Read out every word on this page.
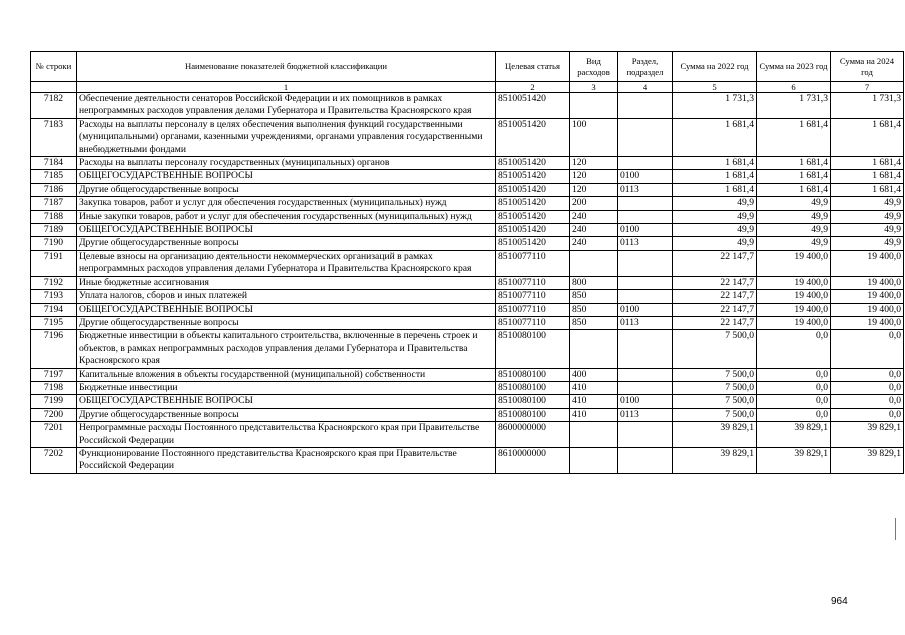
№ строки	Наименование показателей бюджетной классификации	Целевая статья	Вид расходов	Раздел, подраздел	Сумма на 2022 год	Сумма на 2023 год	Сумма на 2024 год
	1	2	3	4	5	6	7
7182	Обеспечение деятельности сенаторов Российской Федерации и их помощников в рамках непрограммных расходов управления делами Губернатора и Правительства Красноярского края	8510051420			1 731,3	1 731,3	1 731,3
7183	Расходы на выплаты персоналу в целях обеспечения выполнения функций государственными (муниципальными) органами, казенными учреждениями, органами управления государственными внебюджетными фондами	8510051420	100		1 681,4	1 681,4	1 681,4
7184	Расходы на выплаты персоналу государственных (муниципальных) органов	8510051420	120		1 681,4	1 681,4	1 681,4
7185	ОБЩЕГОСУДАРСТВЕННЫЕ ВОПРОСЫ	8510051420	120	0100	1 681,4	1 681,4	1 681,4
7186	Другие общегосударственные вопросы	8510051420	120	0113	1 681,4	1 681,4	1 681,4
7187	Закупка товаров, работ и услуг для обеспечения государственных (муниципальных) нужд	8510051420	200		49,9	49,9	49,9
7188	Иные закупки товаров, работ и услуг для обеспечения государственных (муниципальных) нужд	8510051420	240		49,9	49,9	49,9
7189	ОБЩЕГОСУДАРСТВЕННЫЕ ВОПРОСЫ	8510051420	240	0100	49,9	49,9	49,9
7190	Другие общегосударственные вопросы	8510051420	240	0113	49,9	49,9	49,9
7191	Целевые взносы на организацию деятельности некоммерческих организаций в рамках непрограммных расходов управления делами Губернатора и Правительства Красноярского края	8510077110			22 147,7	19 400,0	19 400,0
7192	Иные бюджетные ассигнования	8510077110	800		22 147,7	19 400,0	19 400,0
7193	Уплата налогов, сборов и иных платежей	8510077110	850		22 147,7	19 400,0	19 400,0
7194	ОБЩЕГОСУДАРСТВЕННЫЕ ВОПРОСЫ	8510077110	850	0100	22 147,7	19 400,0	19 400,0
7195	Другие общегосударственные вопросы	8510077110	850	0113	22 147,7	19 400,0	19 400,0
7196	Бюджетные инвестиции в объекты капитального строительства, включенные в перечень строек и объектов, в рамках непрограммных расходов управления делами Губернатора и Правительства Красноярского края	8510080100			7 500,0	0,0	0,0
7197	Капитальные вложения в объекты государственной (муниципальной) собственности	8510080100	400		7 500,0	0,0	0,0
7198	Бюджетные инвестиции	8510080100	410		7 500,0	0,0	0,0
7199	ОБЩЕГОСУДАРСТВЕННЫЕ ВОПРОСЫ	8510080100	410	0100	7 500,0	0,0	0,0
7200	Другие общегосударственные вопросы	8510080100	410	0113	7 500,0	0,0	0,0
7201	Непрограммные расходы Постоянного представительства Красноярского края при Правительстве Российской Федерации	8600000000			39 829,1	39 829,1	39 829,1
7202	Функционирование Постоянного представительства Красноярского края при Правительстве Российской Федерации	8610000000			39 829,1	39 829,1	39 829,1
964
